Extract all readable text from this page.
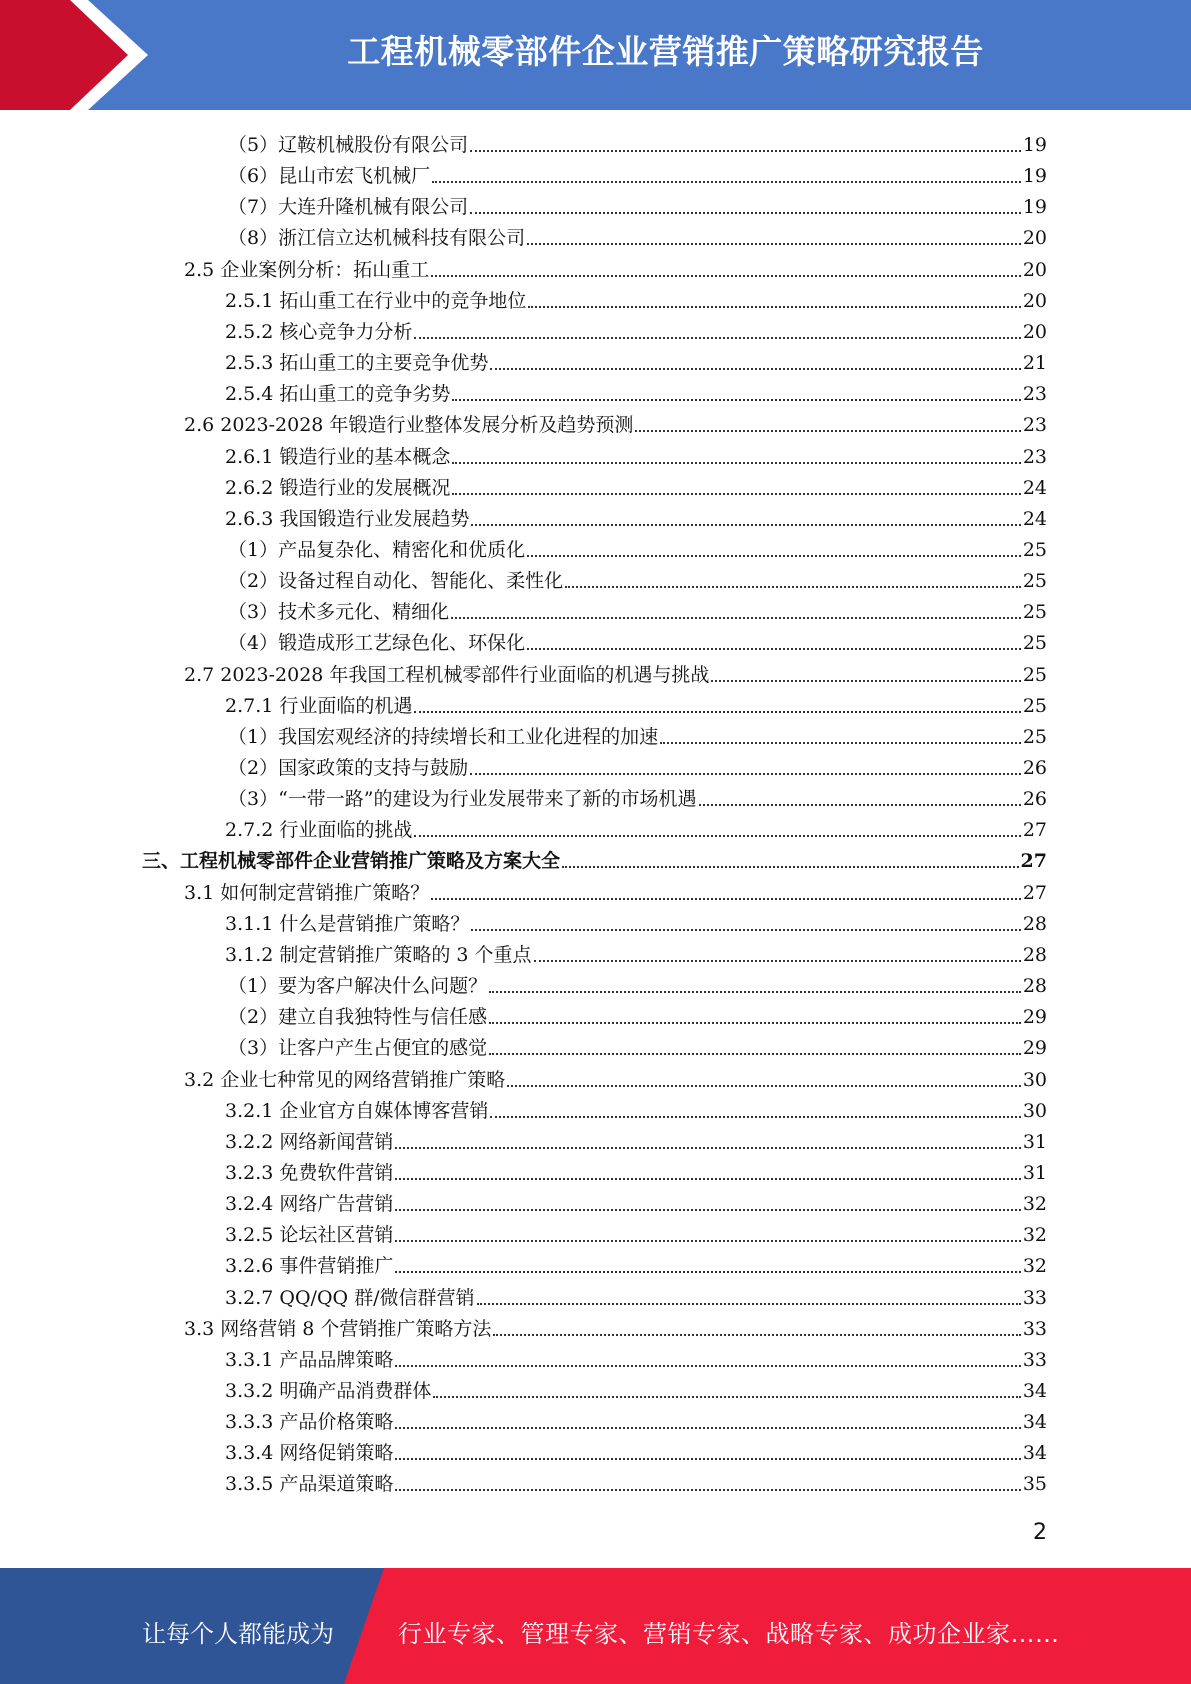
工程机械零部件企业营销推广策略研究报告
（5）辽鞍机械股份有限公司	19
（6）昆山市宏飞机械厂	19
（7）大连升隆机械有限公司	19
（8）浙江信立达机械科技有限公司	20
2.5 企业案例分析：拓山重工	20
2.5.1 拓山重工在行业中的竞争地位	20
2.5.2 核心竞争力分析	20
2.5.3 拓山重工的主要竞争优势	21
2.5.4 拓山重工的竞争劣势	23
2.6 2023-2028 年锻造行业整体发展分析及趋势预测	23
2.6.1 锻造行业的基本概念	23
2.6.2 锻造行业的发展概况	24
2.6.3 我国锻造行业发展趋势	24
（1）产品复杂化、精密化和优质化	25
（2）设备过程自动化、智能化、柔性化	25
（3）技术多元化、精细化	25
（4）锻造成形工艺绿色化、环保化	25
2.7 2023-2028 年我国工程机械零部件行业面临的机遇与挑战	25
2.7.1 行业面临的机遇	25
（1）我国宏观经济的持续增长和工业化进程的加速	25
（2）国家政策的支持与鼓励	26
（3）“一带一路”的建设为行业发展带来了新的市场机遇	26
2.7.2 行业面临的挑战	27
三、工程机械零部件企业营销推广策略及方案大全	27
3.1 如何制定营销推广策略？	27
3.1.1 什么是营销推广策略？	28
3.1.2 制定营销推广策略的 3 个重点	28
（1）要为客户解决什么问题？	28
（2）建立自我独特性与信任感	29
（3）让客户产生占便宜的感觉	29
3.2 企业七种常见的网络营销推广策略	30
3.2.1 企业官方自媒体博客营销	30
3.2.2 网络新闻营销	31
3.2.3 免费软件营销	31
3.2.4 网络广告营销	32
3.2.5 论坛社区营销	32
3.2.6 事件营销推广	32
3.2.7 QQ/QQ 群/微信群营销	33
3.3 网络营销 8 个营销推广策略方法	33
3.3.1 产品品牌策略	33
3.3.2 明确产品消费群体	34
3.3.3 产品价格策略	34
3.3.4 网络促销策略	34
3.3.5 产品渠道策略	35
2
让每个人都能成为	行业专家、管理专家、营销专家、战略专家、成功企业家……
